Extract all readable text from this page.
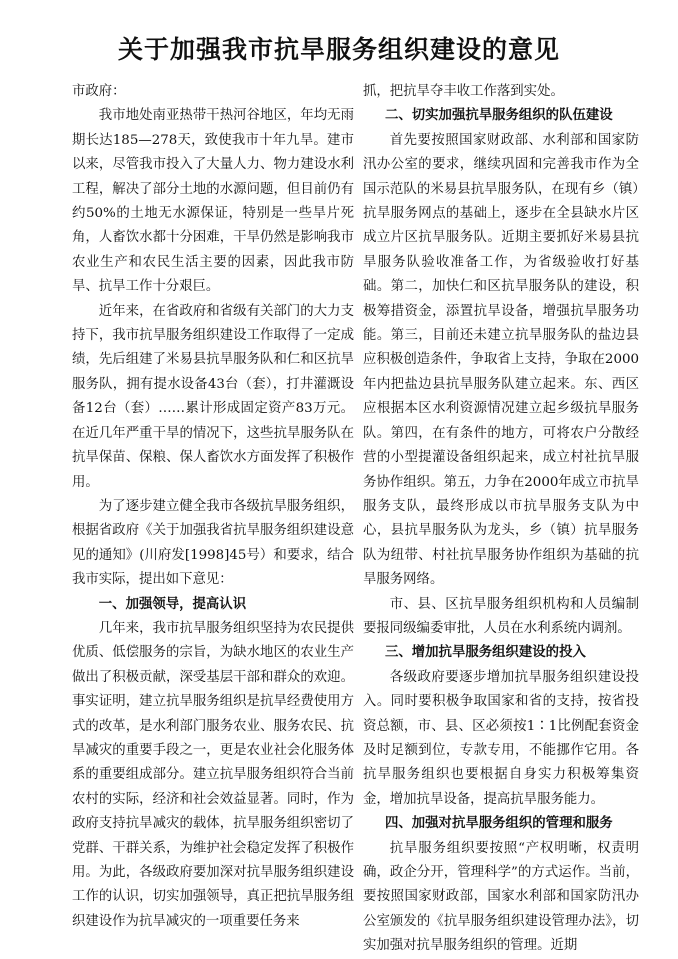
关于加强我市抗旱服务组织建设的意见

市政府：

我市地处南亚热带干热河谷地区，年均无雨期长达185—278天，致使我市十年九旱。建市以来，尽管我市投入了大量人力、物力建设水利工程，解决了部分土地的水源问题，但目前仍有约50%的土地无水源保证，特别是一些旱片死角，人畜饮水都十分困难，干旱仍然是影响我市农业生产和农民生活主要的因素，因此我市防旱、抗旱工作十分艰巨。

近年来，在省政府和省级有关部门的大力支持下，我市抗旱服务组织建设工作取得了一定成绩，先后组建了米易县抗旱服务队和仁和区抗旱服务队，拥有提水设备43台（套），打井灌溉设备12台（套）……累计形成固定资产83万元。在近几年严重干旱的情况下，这些抗旱服务队在抗旱保苗、保粮、保人畜饮水方面发挥了积极作用。

为了逐步建立健全我市各级抗旱服务组织，根据省政府《关于加强我省抗旱服务组织建设意见的通知》(川府发[1998]45号）和要求，结合我市实际，提出如下意见：

一、加强领导，提高认识

几年来，我市抗旱服务组织坚持为农民提供优质、低偿服务的宗旨，为缺水地区的农业生产做出了积极贡献，深受基层干部和群众的欢迎。事实证明，建立抗旱服务组织是抗旱经费使用方式的改革，是水利部门服务农业、服务农民、抗旱减灾的重要手段之一，更是农业社会化服务体系的重要组成部分。建立抗旱服务组织符合当前农村的实际，经济和社会效益显著。同时，作为政府支持抗旱减灾的载体，抗旱服务组织密切了党群、干群关系，为维护社会稳定发挥了积极作用。为此，各级政府要加深对抗旱服务组织建设工作的认识，切实加强领导，真正把抗旱服务组织建设作为抗旱减灾的一项重要任务来

抓，把抗旱夺丰收工作落到实处。

二、切实加强抗旱服务组织的队伍建设

首先要按照国家财政部、水利部和国家防汛办公室的要求，继续巩固和完善我市作为全国示范队的米易县抗旱服务队，在现有乡（镇）抗旱服务网点的基础上，逐步在全县缺水片区成立片区抗旱服务队。近期主要抓好米易县抗旱服务队验收准备工作，为省级验收打好基础。第二，加快仁和区抗旱服务队的建设，积极筹措资金，添置抗旱设备，增强抗旱服务功能。第三，目前还未建立抗旱服务队的盐边县应积极创造条件，争取省上支持，争取在2000年内把盐边县抗旱服务队建立起来。东、西区应根据本区水利资源情况建立起乡级抗旱服务队。第四，在有条件的地方，可将农户分散经营的小型提灌设备组织起来，成立村社抗旱服务协作组织。第五，力争在2000年成立市抗旱服务支队，最终形成以市抗旱服务支队为中心，县抗旱服务队为龙头，乡（镇）抗旱服务队为纽带、村社抗旱服务协作组织为基础的抗旱服务网络。

市、县、区抗旱服务组织机构和人员编制要报同级编委审批，人员在水利系统内调剂。

三、增加抗旱服务组织建设的投入

各级政府要逐步增加抗旱服务组织建设投入。同时要积极争取国家和省的支持，按省投资总额，市、县、区必须按1∶1比例配套资金及时足额到位，专款专用，不能挪作它用。各抗旱服务组织也要根据自身实力积极筹集资金，增加抗旱设备，提高抗旱服务能力。

四、加强对抗旱服务组织的管理和服务

抗旱服务组织要按照“产权明晰，权责明确，政企分开，管理科学”的方式运作。当前，要按照国家财政部，国家水利部和国家防汛办公室颁发的《抗旱服务组织建设管理办法》，切实加强对抗旱服务组织的管理。近期
